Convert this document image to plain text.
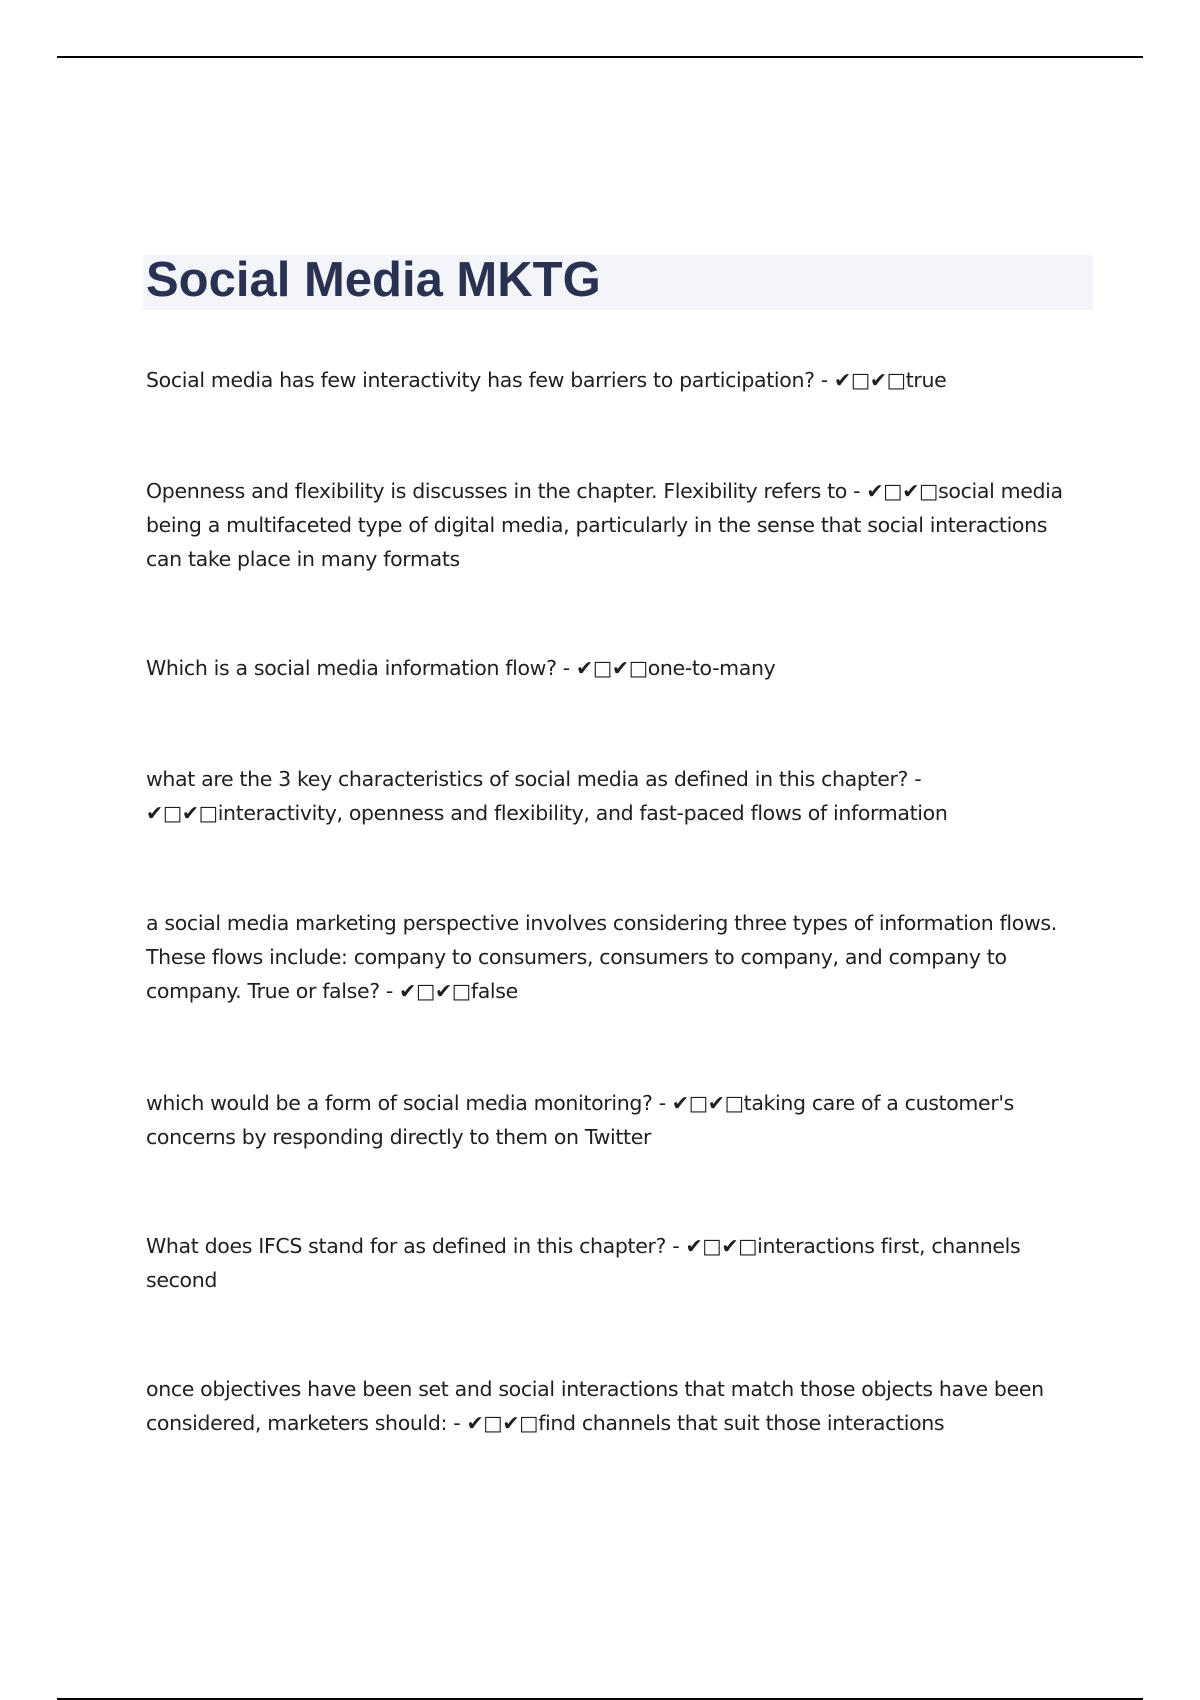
Social Media MKTG

Social media has few interactivity has few barriers to participation? - ✔□✔□true

Openness and flexibility is discusses in the chapter. Flexibility refers to - ✔□✔□social media being a multifaceted type of digital media, particularly in the sense that social interactions can take place in many formats

Which is a social media information flow? - ✔□✔□one-to-many

what are the 3 key characteristics of social media as defined in this chapter? - ✔□✔□interactivity, openness and flexibility, and fast-paced flows of information

a social media marketing perspective involves considering three types of information flows. These flows include: company to consumers, consumers to company, and company to company. True or false? - ✔□✔□false

which would be a form of social media monitoring? - ✔□✔□taking care of a customer's concerns by responding directly to them on Twitter

What does IFCS stand for as defined in this chapter? - ✔□✔□interactions first, channels second

once objectives have been set and social interactions that match those objects have been considered, marketers should: - ✔□✔□find channels that suit those interactions
